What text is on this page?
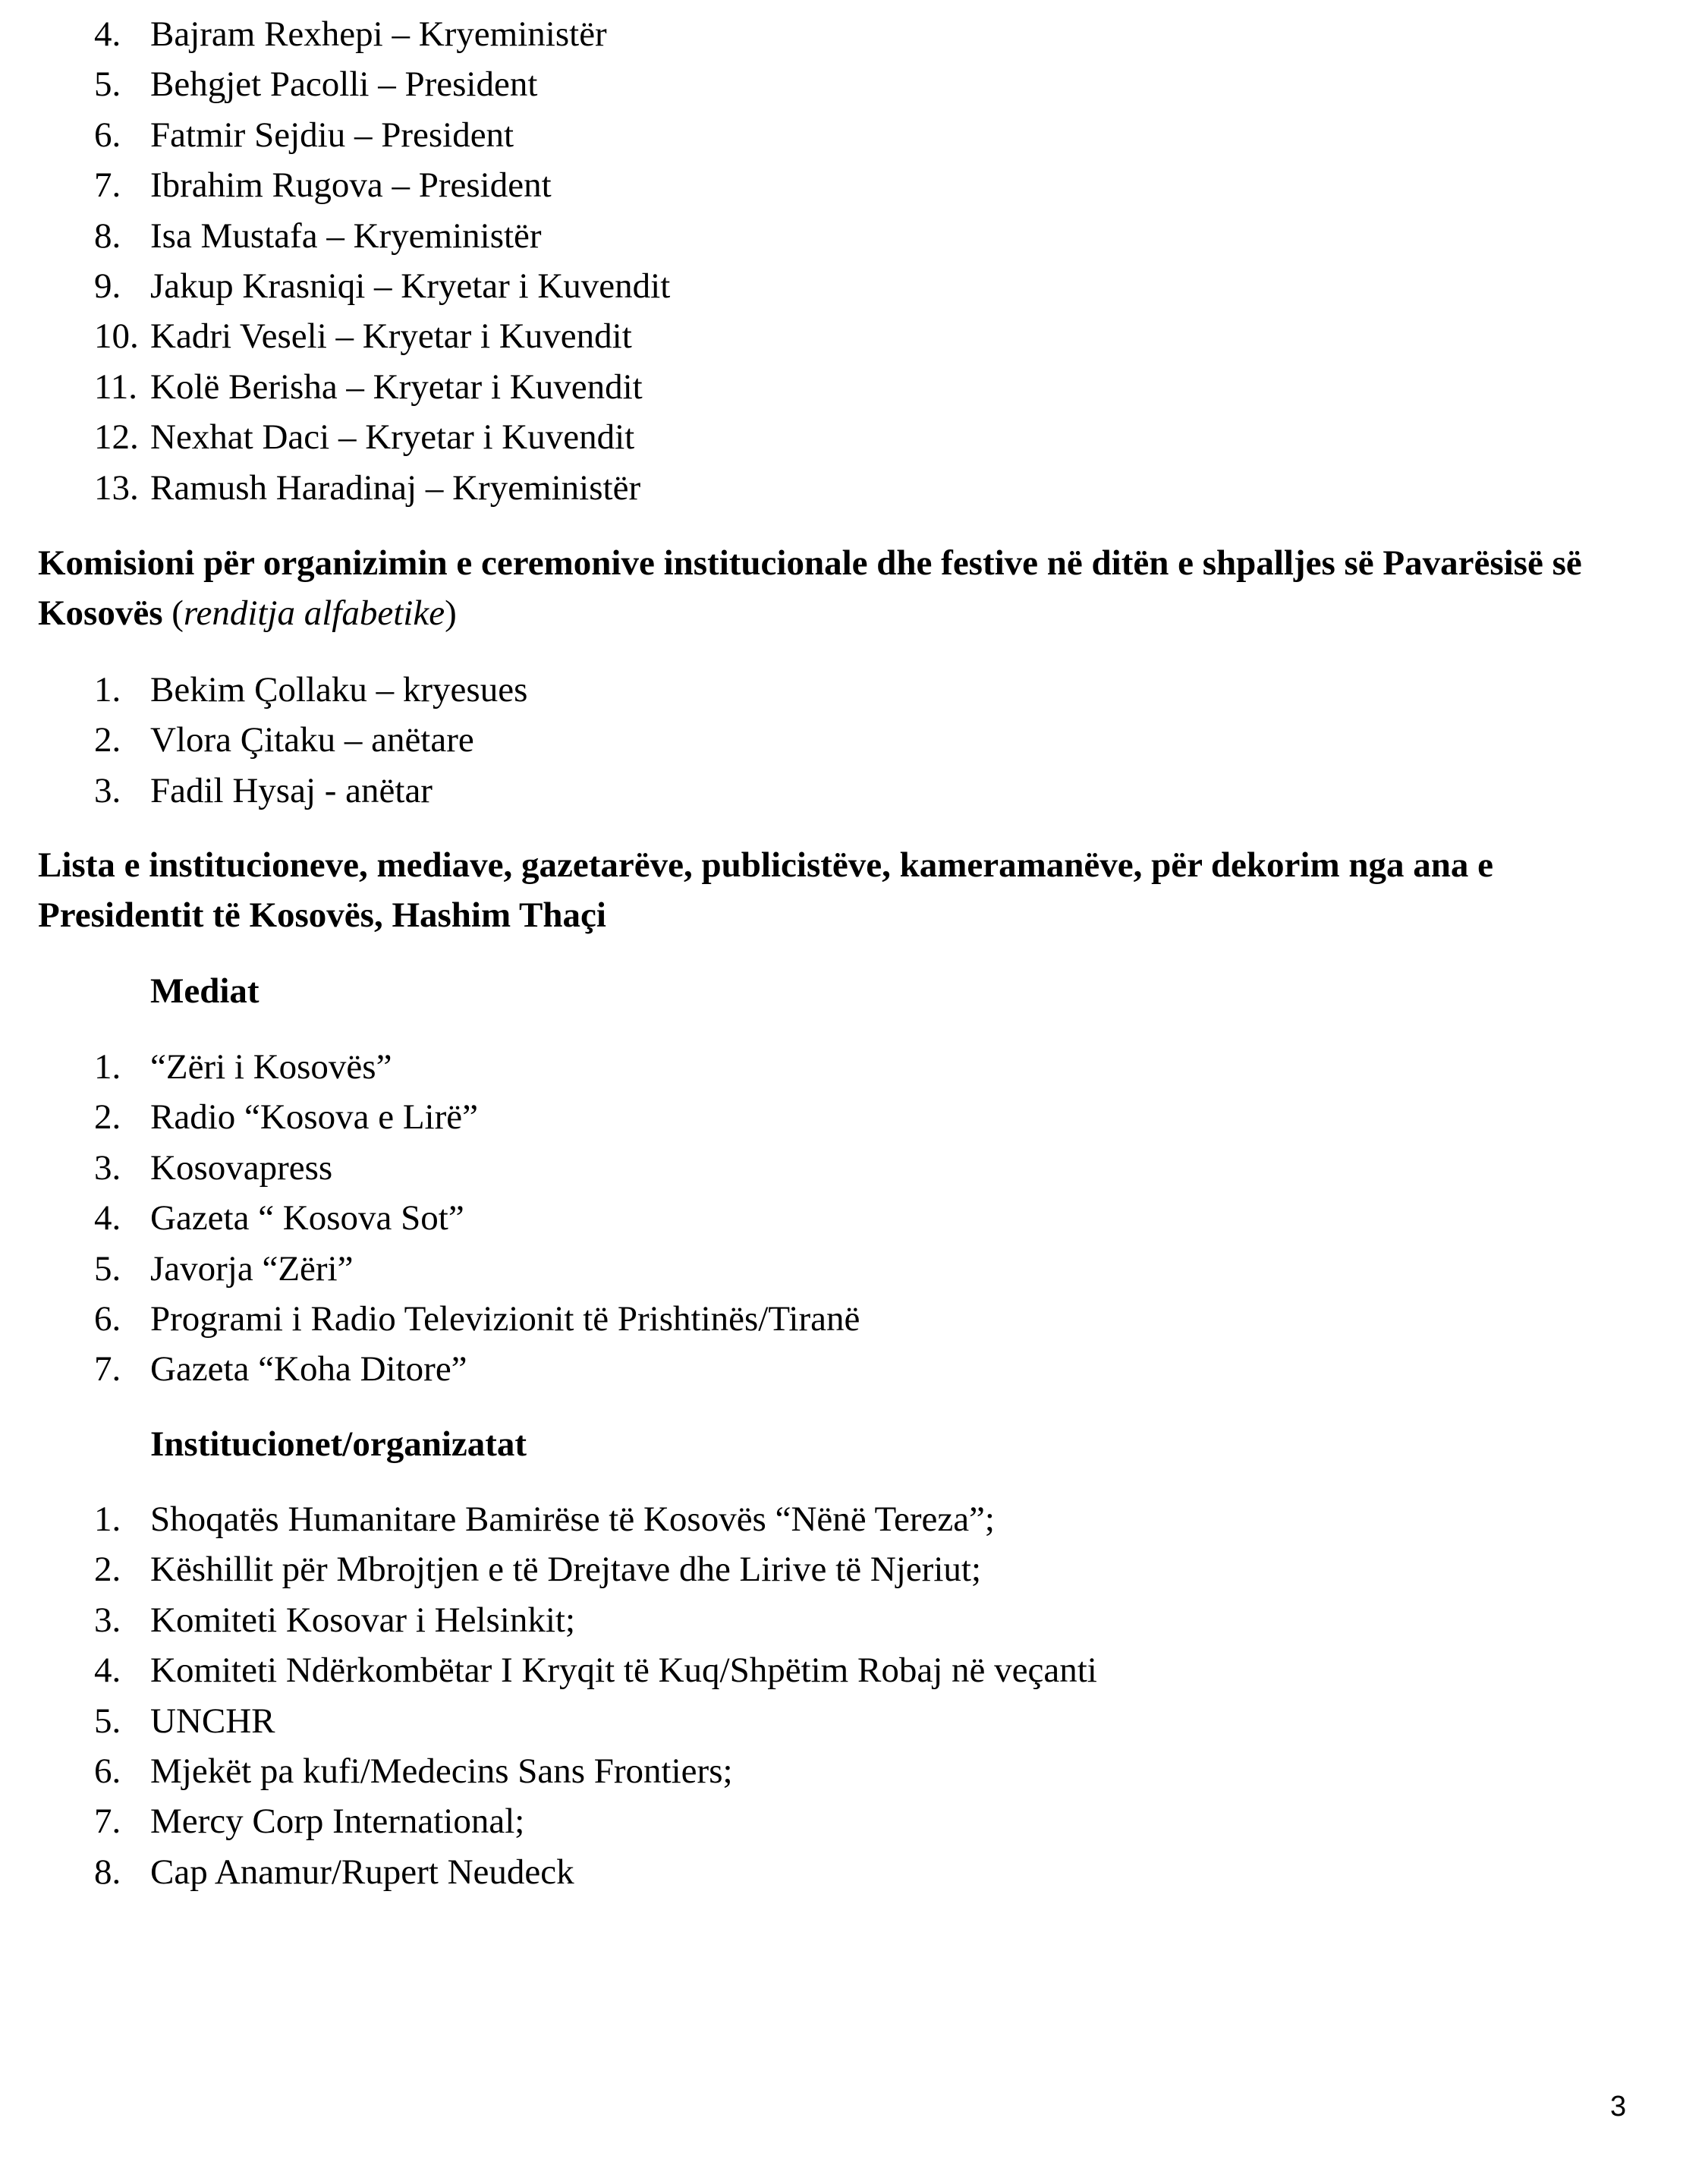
4. Bajram Rexhepi – Kryeministër
5. Behgjet Pacolli – President
6. Fatmir Sejdiu – President
7. Ibrahim Rugova – President
8. Isa Mustafa – Kryeministër
9. Jakup Krasniqi – Kryetar i Kuvendit
10. Kadri Veseli – Kryetar i Kuvendit
11. Kolë Berisha – Kryetar i Kuvendit
12. Nexhat Daci – Kryetar i Kuvendit
13. Ramush Haradinaj – Kryeministër

Komisioni për organizimin e ceremonive institucionale dhe festive në ditën e shpalljes së Pavarësisë së Kosovës (renditja alfabetike)

1. Bekim Çollaku – kryesues
2. Vlora Çitaku – anëtare
3. Fadil Hysaj - anëtar

Lista e institucioneve, mediave, gazetarëve, publicistëve, kameramanëve, për dekorim nga ana e Presidentit të Kosovës, Hashim Thaçi

Mediat

1. “Zëri i Kosovës”
2. Radio “Kosova e Lirë”
3. Kosovapress
4. Gazeta “ Kosova Sot”
5. Javorja “Zëri”
6. Programi i Radio Televizionit të Prishtinës/Tiranë
7. Gazeta “Koha Ditore”

Institucionet/organizatat

1. Shoqatës Humanitare Bamirëse të Kosovës “Nënë Tereza”;
2. Këshillit për Mbrojtjen e të Drejtave dhe Lirive të Njeriut;
3. Komiteti Kosovar i Helsinkit;
4. Komiteti Ndërkombëtar I Kryqit të Kuq/Shpëtim Robaj në veçanti
5. UNCHR
6. Mjekët pa kufi/Medecins Sans Frontiers;
7. Mercy Corp International;
8. Cap Anamur/Rupert Neudeck
3
